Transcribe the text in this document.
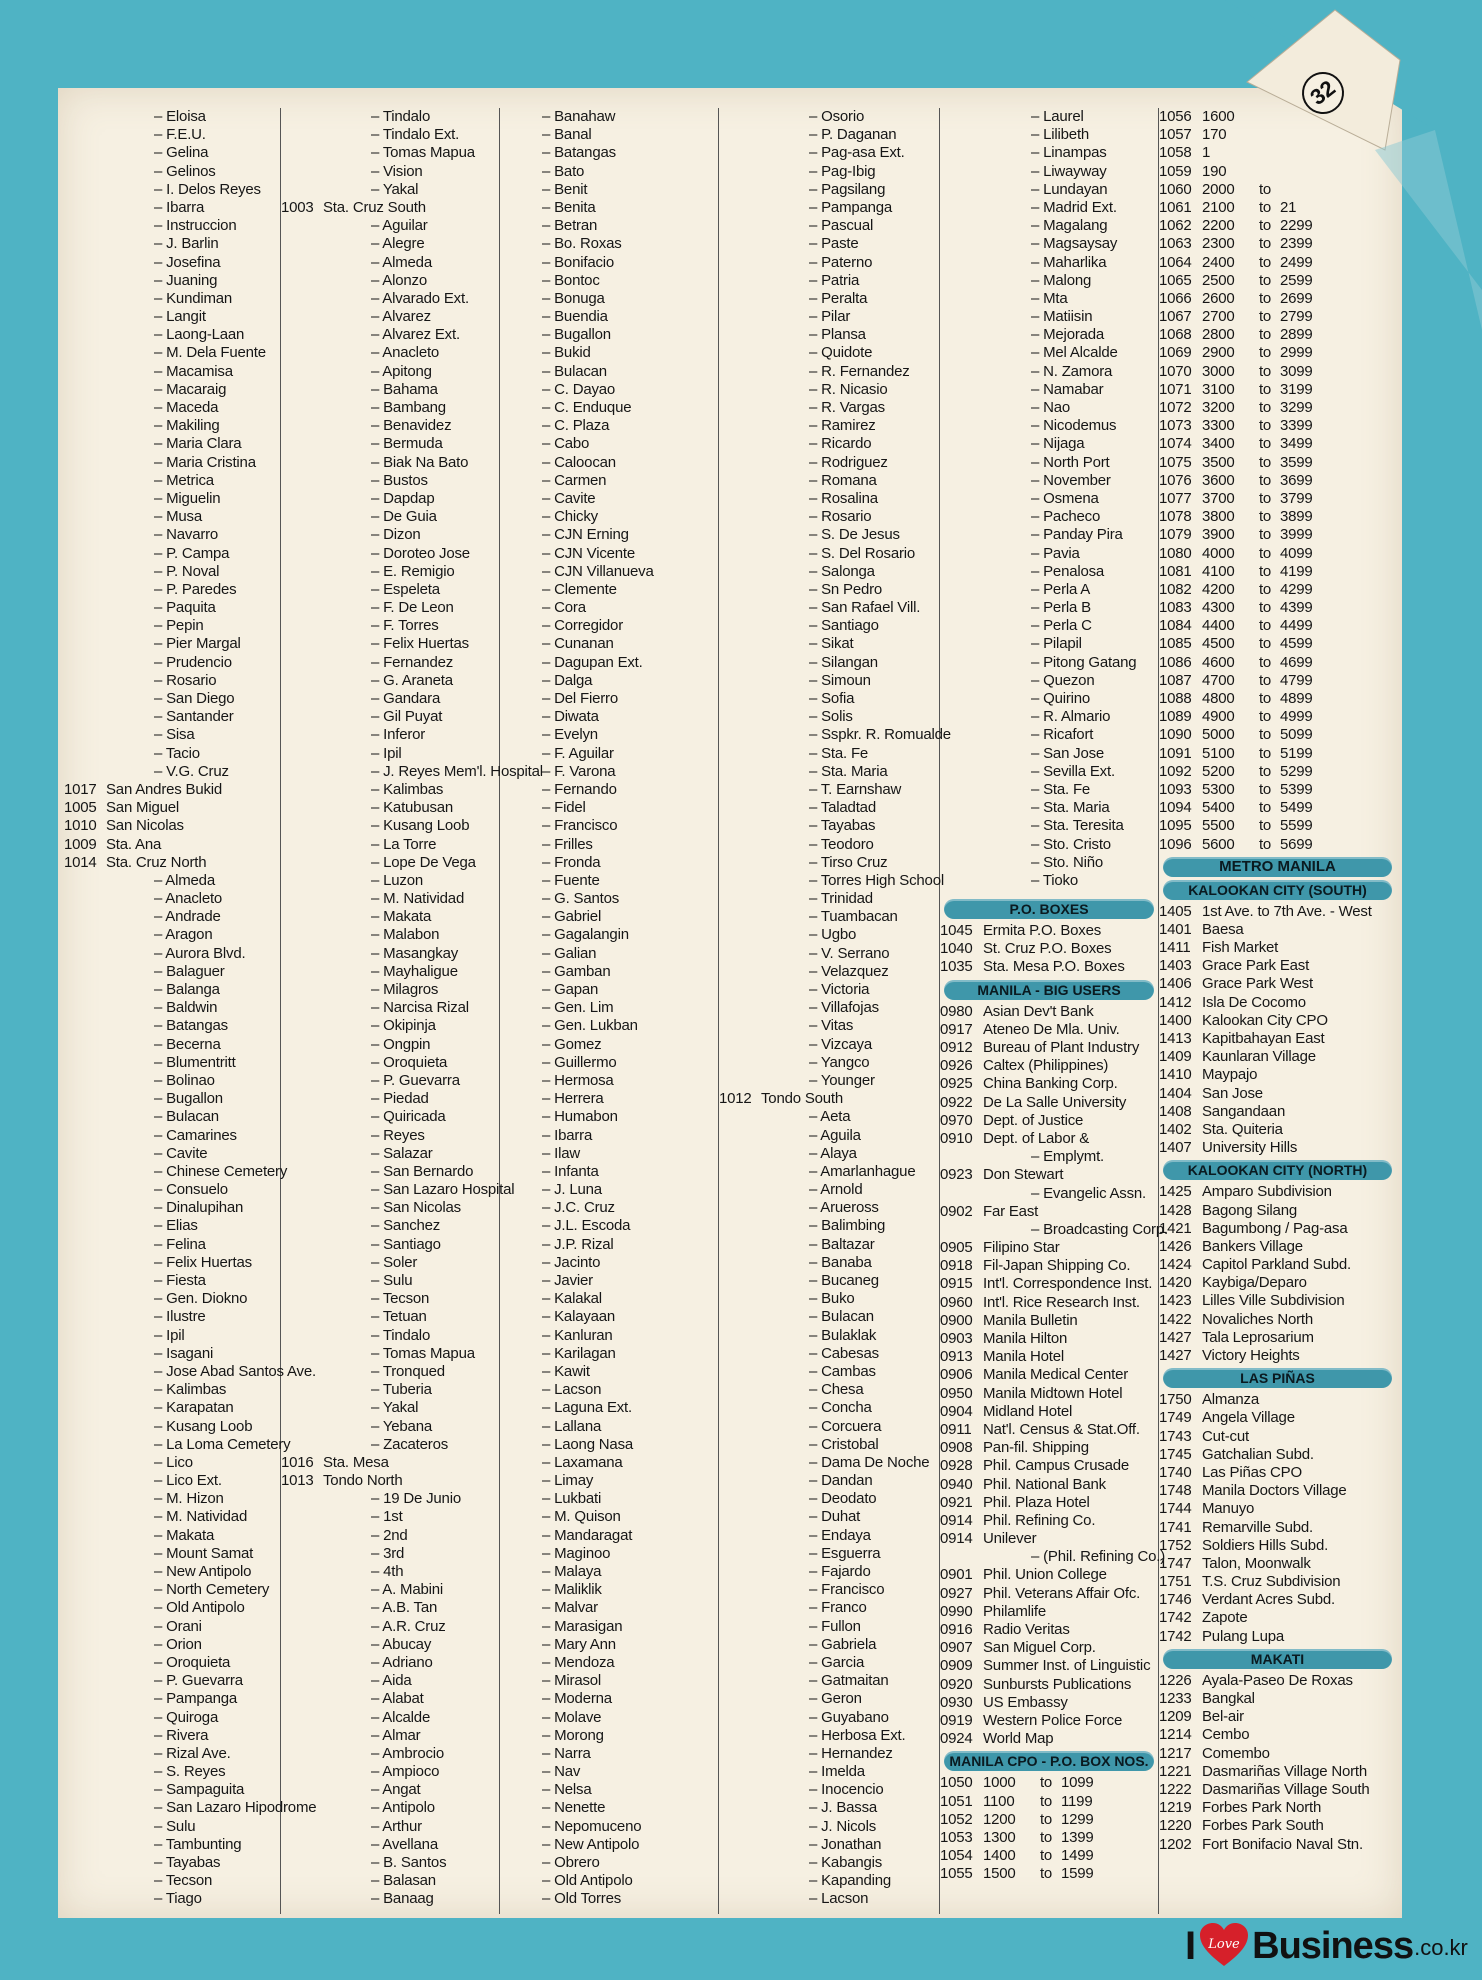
– Eloisa
– F.E.U.
– Gelina
– Gelinos
– I. Delos Reyes
– Ibarra
– Instruccion
– J. Barlin
– Josefina
– Juaning
– Kundiman
– Langit
– Laong-Laan
– M. Dela Fuente
– Macamisa
– Macaraig
– Maceda
– Makiling
– Maria Clara
– Maria Cristina
– Metrica
– Miguelin
– Musa
– Navarro
– P. Campa
– P. Noval
– P. Paredes
– Paquita
– Pepin
– Pier Margal
– Prudencio
– Rosario
– San Diego
– Santander
– Sisa
– Tacio
– V.G. Cruz
1017 San Andres Bukid
1005 San Miguel
1010 San Nicolas
1009 Sta. Ana
1014 Sta. Cruz North
– Almeda
– Anacleto
– Andrade
– Aragon
– Aurora Blvd.
– Balaguer
– Balanga
– Baldwin
– Batangas
– Becerna
– Blumentritt
– Bolinao
– Bugallon
– Bulacan
– Camarines
– Cavite
– Chinese Cemetery
– Consuelo
– Dinalupihan
– Elias
– Felina
– Felix Huertas
– Fiesta
– Gen. Diokno
– Ilustre
– Ipil
– Isagani
– Jose Abad Santos Ave.
– Kalimbas
– Karapatan
– Kusang Loob
– La Loma Cemetery
– Lico
– Lico Ext.
– M. Hizon
– M. Natividad
– Makata
– Mount Samat
– New Antipolo
– North Cemetery
– Old Antipolo
– Orani
– Orion
– Oroquieta
– P. Guevarra
– Pampanga
– Quiroga
– Rivera
– Rizal Ave.
– S. Reyes
– Sampaguita
– San Lazaro Hipodrome
– Sulu
– Tambunting
– Tayabas
– Tecson
– Tiago
– Tindalo
– Tindalo Ext.
– Tomas Mapua
– Vision
– Yakal
1003 Sta. Cruz South
– Aguilar
– Alegre
– Almeda
– Alonzo
– Alvarado Ext.
– Alvarez
– Alvarez Ext.
– Anacleto
– Apitong
– Bahama
– Bambang
– Benavidez
– Bermuda
– Biak Na Bato
– Bustos
– Dapdap
– De Guia
– Dizon
– Doroteo Jose
– E. Remigio
– Espeleta
– F. De Leon
– F. Torres
– Felix Huertas
– Fernandez
– G. Araneta
– Gandara
– Gil Puyat
– Inferor
– Ipil
– J. Reyes Mem'l. Hospital
– Kalimbas
– Katubusan
– Kusang Loob
– La Torre
– Lope De Vega
– Luzon
– M. Natividad
– Makata
– Malabon
– Masangkay
– Mayhaligue
– Milagros
– Narcisa Rizal
– Okipinja
– Ongpin
– Oroquieta
– P. Guevarra
– Piedad
– Quiricada
– Reyes
– Salazar
– San Bernardo
– San Lazaro Hospital
– San Nicolas
– Sanchez
– Santiago
– Soler
– Sulu
– Tecson
– Tetuan
– Tindalo
– Tomas Mapua
– Tronqued
– Tuberia
– Yakal
– Yebana
– Zacateros
1016 Sta. Mesa
1013 Tondo North
– 19 De Junio
– 1st
– 2nd
– 3rd
– 4th
– A. Mabini
– A.B. Tan
– A.R. Cruz
– Abucay
– Adriano
– Aida
– Alabat
– Alcalde
– Almar
– Ambrocio
– Ampioco
– Angat
– Antipolo
– Arthur
– Avellana
– B. Santos
– Balasan
– Banaag
– Banahaw
– Banal
– Batangas
– Bato
– Benit
– Benita
– Betran
– Bo. Roxas
– Bonifacio
– Bontoc
– Bonuga
– Buendia
– Bugallon
– Bukid
– Bulacan
– C. Dayao
– C. Enduque
– C. Plaza
– Cabo
– Caloocan
– Carmen
– Cavite
– Chicky
– CJN Erning
– CJN Vicente
– CJN Villanueva
– Clemente
– Cora
– Corregidor
– Cunanan
– Dagupan Ext.
– Dalga
– Del Fierro
– Diwata
– Evelyn
– F. Aguilar
– F. Varona
– Fernando
– Fidel
– Francisco
– Frilles
– Fronda
– Fuente
– G. Santos
– Gabriel
– Gagalangin
– Galian
– Gamban
– Gapan
– Gen. Lim
– Gen. Lukban
– Gomez
– Guillermo
– Hermosa
– Herrera
– Humabon
– Ibarra
– Ilaw
– Infanta
– J. Luna
– J.C. Cruz
– J.L. Escoda
– J.P. Rizal
– Jacinto
– Javier
– Kalakal
– Kalayaan
– Kanluran
– Karilagan
– Kawit
– Lacson
– Laguna Ext.
– Lallana
– Laong Nasa
– Laxamana
– Limay
– Lukbati
– M. Quison
– Mandaragat
– Maginoo
– Malaya
– Maliklik
– Malvar
– Marasigan
– Mary Ann
– Mendoza
– Mirasol
– Moderna
– Molave
– Morong
– Narra
– Nav
– Nelsa
– Nenette
– Nepomuceno
– New Antipolo
– Obrero
– Old Antipolo
– Old Torres
– Osorio
– P. Daganan
– Pag-asa Ext.
– Pag-Ibig
– Pagsilang
– Pampanga
– Pascual
– Paste
– Paterno
– Patria
– Peralta
– Pilar
– Plansa
– Quidote
– R. Fernandez
– R. Nicasio
– R. Vargas
– Ramirez
– Ricardo
– Rodriguez
– Romana
– Rosalina
– Rosario
– S. De Jesus
– S. Del Rosario
– Salonga
– Sn Pedro
– San Rafael Vill.
– Santiago
– Sikat
– Silangan
– Simoun
– Sofia
– Solis
– Sspkr. R. Romualde
– Sta. Fe
– Sta. Maria
– T. Earnshaw
– Taladtad
– Tayabas
– Teodoro
– Tirso Cruz
– Torres High School
– Trinidad
– Tuambacan
– Ugbo
– V. Serrano
– Velazquez
– Victoria
– Villafojas
– Vitas
– Vizcaya
– Yangco
– Younger
1012 Tondo South
– Aeta
– Aguila
– Alaya
– Amarlanhague
– Arnold
– Arueross
– Balimbing
– Baltazar
– Banaba
– Bucaneg
– Buko
– Bulacan
– Bulaklak
– Cabesas
– Cambas
– Chesa
– Concha
– Corcuera
– Cristobal
– Dama De Noche
– Dandan
– Deodato
– Duhat
– Endaya
– Esguerra
– Fajardo
– Francisco
– Franco
– Fullon
– Gabriela
– Garcia
– Gatmaitan
– Geron
– Guyabano
– Herbosa Ext.
– Hernandez
– Imelda
– Inocencio
– J. Bassa
– J. Nicols
– Jonathan
– Kabangis
– Kapanding
– Lacson
– Laurel
– Lilibeth
– Linampas
– Liwayway
– Lundayan
– Madrid Ext.
– Magalang
– Magsaysay
– Maharlika
– Malong
– Mta
– Matiisin
– Mejorada
– Mel Alcalde
– N. Zamora
– Namabar
– Nao
– Nicodemus
– Nijaga
– North Port
– November
– Osmena
– Pacheco
– Panday Pira
– Pavia
– Penalosa
– Perla A
– Perla B
– Perla C
– Pilapil
– Pitong Gatang
– Quezon
– Quirino
– R. Almario
– Ricafort
– San Jose
– Sevilla Ext.
– Sta. Fe
– Sta. Maria
– Sta. Teresita
– Sto. Cristo
– Sto. Niño
– Tioko
P.O. BOXES
1045 Ermita P.O. Boxes
1040 St. Cruz P.O. Boxes
1035 Sta. Mesa P.O. Boxes
MANILA - BIG USERS
0980 Asian Dev't Bank
0917 Ateneo De Mla. Univ.
0912 Bureau of Plant Industry
0926 Caltex (Philippines)
0925 China Banking Corp.
0922 De La Salle University
0970 Dept. of Justice
0910 Dept. of Labor &
– Emplymt.
0923 Don Stewart
– Evangelic Assn.
0902 Far East
– Broadcasting Corp.
0905 Filipino Star
0918 Fil-Japan Shipping Co.
0915 Int'l. Correspondence Inst.
0960 Int'l. Rice Research Inst.
0900 Manila Bulletin
0903 Manila Hilton
0913 Manila Hotel
0906 Manila Medical Center
0950 Manila Midtown Hotel
0904 Midland Hotel
0911 Nat'l. Census & Stat.Off.
0908 Pan-fil. Shipping
0928 Phil. Campus Crusade
0940 Phil. National Bank
0921 Phil. Plaza Hotel
0914 Phil. Refining Co.
0914 Unilever
– (Phil. Refining Co.)
0901 Phil. Union College
0927 Phil. Veterans Affair Ofc.
0990 Philamlife
0916 Radio Veritas
0907 San Miguel Corp.
0909 Summer Inst. of Linguistic
0920 Sunbursts Publications
0930 US Embassy
0919 Western Police Force
0924 World Map
MANILA CPO - P.O. BOX NOS.
1050 1000	to 1099
1051 1100	to 1199
1052 1200	to 1299
1053 1300	to 1399
1054 1400	to 1499
1055 1500	to 1599
1056 1600
1057 170
1058 1
1059 190
1060 2000	to
1061 2100	to 21
1062 2200	to 2299
1063 2300	to 2399
1064 2400	to 2499
1065 2500	to 2599
1066 2600	to 2699
1067 2700	to 2799
1068 2800	to 2899
1069 2900	to 2999
1070 3000	to 3099
1071 3100	to 3199
1072 3200	to 3299
1073 3300	to 3399
1074 3400	to 3499
1075 3500	to 3599
1076 3600	to 3699
1077 3700	to 3799
1078 3800	to 3899
1079 3900	to 3999
1080 4000	to 4099
1081 4100	to 4199
1082 4200	to 4299
1083 4300	to 4399
1084 4400	to 4499
1085 4500	to 4599
1086 4600	to 4699
1087 4700	to 4799
1088 4800	to 4899
1089 4900	to 4999
1090 5000	to 5099
1091 5100	to 5199
1092 5200	to 5299
1093 5300	to 5399
1094 5400	to 5499
1095 5500	to 5599
1096 5600	to 5699
METRO MANILA
KALOOKAN CITY (SOUTH)
1405 1st Ave. to 7th Ave. - West
1401 Baesa
1411 Fish Market
1403 Grace Park East
1406 Grace Park West
1412 Isla De Cocomo
1400 Kalookan City CPO
1413 Kapitbahayan East
1409 Kaunlaran Village
1410 Maypajo
1404 San Jose
1408 Sangandaan
1402 Sta. Quiteria
1407 University Hills
KALOOKAN CITY (NORTH)
1425 Amparo Subdivision
1428 Bagong Silang
1421 Bagumbong / Pag-asa
1426 Bankers Village
1424 Capitol Parkland Subd.
1420 Kaybiga/Deparo
1423 Lilles Ville Subdivision
1422 Novaliches North
1427 Tala Leprosarium
1427 Victory Heights
LAS PIÑAS
1750 Almanza
1749 Angela Village
1743 Cut-cut
1745 Gatchalian Subd.
1740 Las Piñas CPO
1748 Manila Doctors Village
1744 Manuyo
1741 Remarville Subd.
1752 Soldiers Hills Subd.
1747 Talon, Moonwalk
1751 T.S. Cruz Subdivision
1746 Verdant Acres Subd.
1742 Zapote
1742 Pulang Lupa
MAKATI
1226 Ayala-Paseo De Roxas
1233 Bangkal
1209 Bel-air
1214 Cembo
1217 Comembo
1221 Dasmariñas Village North
1222 Dasmariñas Village South
1219 Forbes Park North
1220 Forbes Park South
1202 Fort Bonifacio Naval Stn.
32
I Love Business .co.kr
